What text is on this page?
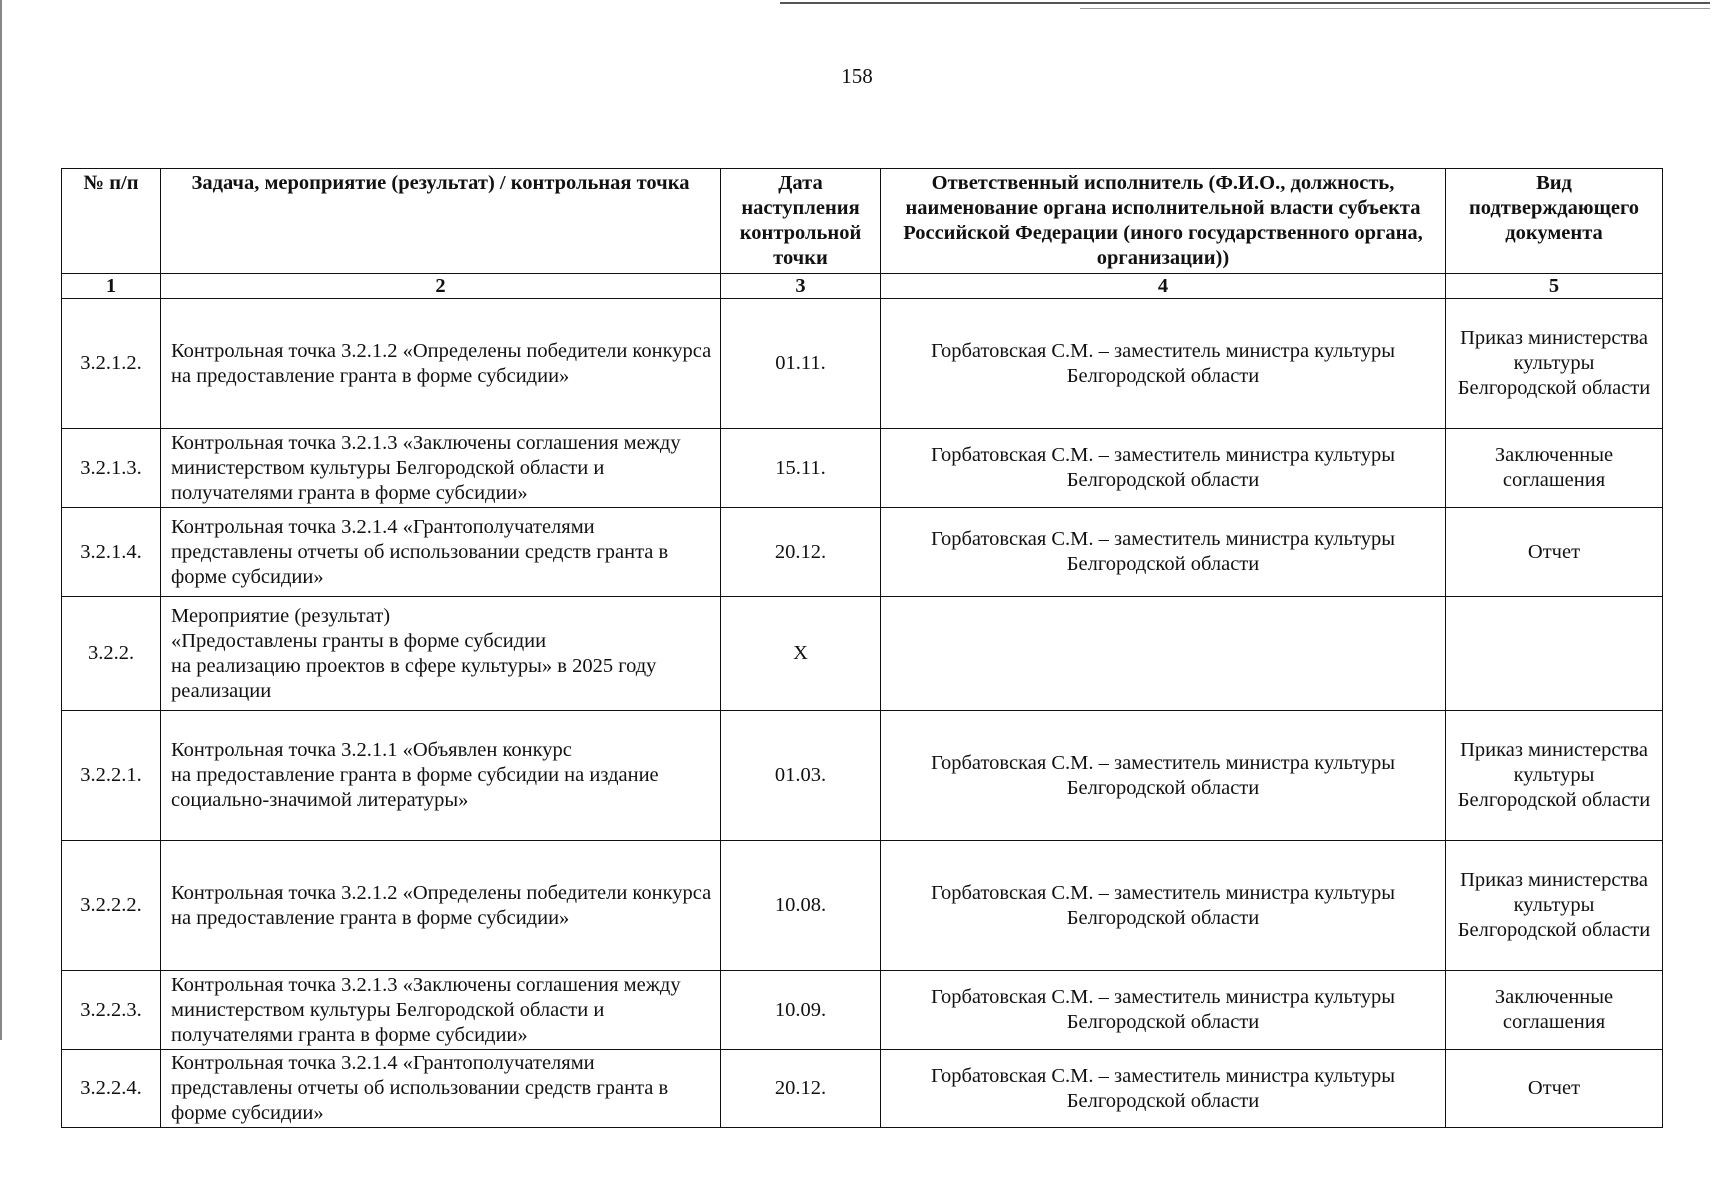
158
№ п/п	Задача, мероприятие (результат) / контрольная точка	Дата наступления контрольной точки	Ответственный исполнитель (Ф.И.О., должность, наименование органа исполнительной власти субъекта Российской Федерации (иного государственного органа, организации))	Вид подтверждающего документа
1	2	3	4	5
3.2.1.2.	Контрольная точка 3.2.1.2 «Определены победители конкурса на предоставление гранта в форме субсидии»	01.11.	Горбатовская С.М. – заместитель министра культуры Белгородской области	Приказ министерства культуры Белгородской области
3.2.1.3.	Контрольная точка 3.2.1.3 «Заключены соглашения между министерством культуры Белгородской области и получателями гранта в форме субсидии»	15.11.	Горбатовская С.М. – заместитель министра культуры Белгородской области	Заключенные соглашения
3.2.1.4.	Контрольная точка 3.2.1.4 «Грантополучателями представлены отчеты об использовании средств гранта в форме субсидии»	20.12.	Горбатовская С.М. – заместитель министра культуры Белгородской области	Отчет
3.2.2.	Мероприятие (результат)
«Предоставлены гранты в форме субсидии
на реализацию проектов в сфере культуры» в 2025 году реализации	X		
3.2.2.1.	Контрольная точка 3.2.1.1 «Объявлен конкурс
на предоставление гранта в форме субсидии на издание социально-значимой литературы»	01.03.	Горбатовская С.М. – заместитель министра культуры Белгородской области	Приказ министерства культуры Белгородской области
3.2.2.2.	Контрольная точка 3.2.1.2 «Определены победители конкурса на предоставление гранта в форме субсидии»	10.08.	Горбатовская С.М. – заместитель министра культуры Белгородской области	Приказ министерства культуры Белгородской области
3.2.2.3.	Контрольная точка 3.2.1.3 «Заключены соглашения между министерством культуры Белгородской области и получателями гранта в форме субсидии»	10.09.	Горбатовская С.М. – заместитель министра культуры Белгородской области	Заключенные соглашения
3.2.2.4.	Контрольная точка 3.2.1.4 «Грантополучателями представлены отчеты об использовании средств гранта в форме субсидии»	20.12.	Горбатовская С.М. – заместитель министра культуры Белгородской области	Отчет
